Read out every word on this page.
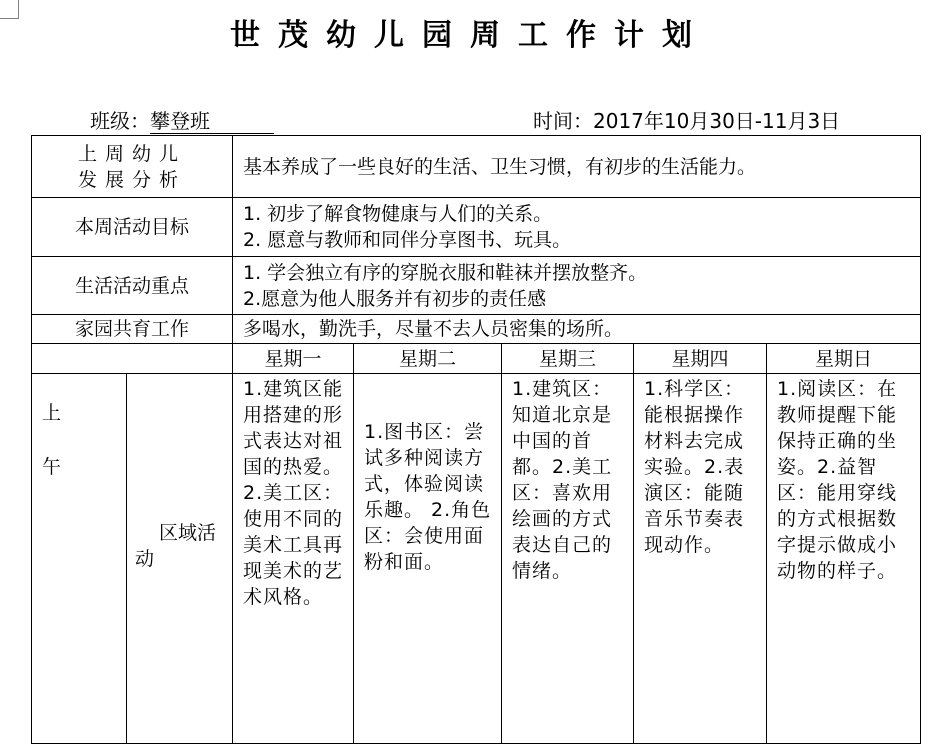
世茂幼儿园周工作计划
班级：攀登班	时间：2017年10月30日-11月3日
上周幼儿
发展分析		基本养成了一些良好的生活、卫生习惯，有初步的生活能力。				
本周活动目标		1. 初步了解食物健康与人们的关系。
2. 愿意与教师和同伴分享图书、玩具。				

生活活动重点		1. 学会独立有序的穿脱衣服和鞋袜并摆放整齐。
2.愿意为他人服务并有初步的责任感				

家园共育工作		多喝水，勤洗手，尽量不去人员密集的场所。				
		星期一	星期二	星期三	星期四	星期日

上
午	区域活动	1.建筑区能用搭建的形式表达对祖国的热爱。2.美工区：使用不同的美术工具再现美术的艺术风格。	1.图书区：尝试多种阅读方式，体验阅读乐趣。 2.角色区：会使用面粉和面。	1.建筑区：知道北京是中国的首都。2.美工区：喜欢用绘画的方式表达自己的情绪。	1.科学区：能根据操作材料去完成实验。2.表演区：能随音乐节奏表现动作。	1.阅读区：在教师提醒下能保持正确的坐姿。2.益智区：能用穿线的方式根据数字提示做成小动物的样子。
